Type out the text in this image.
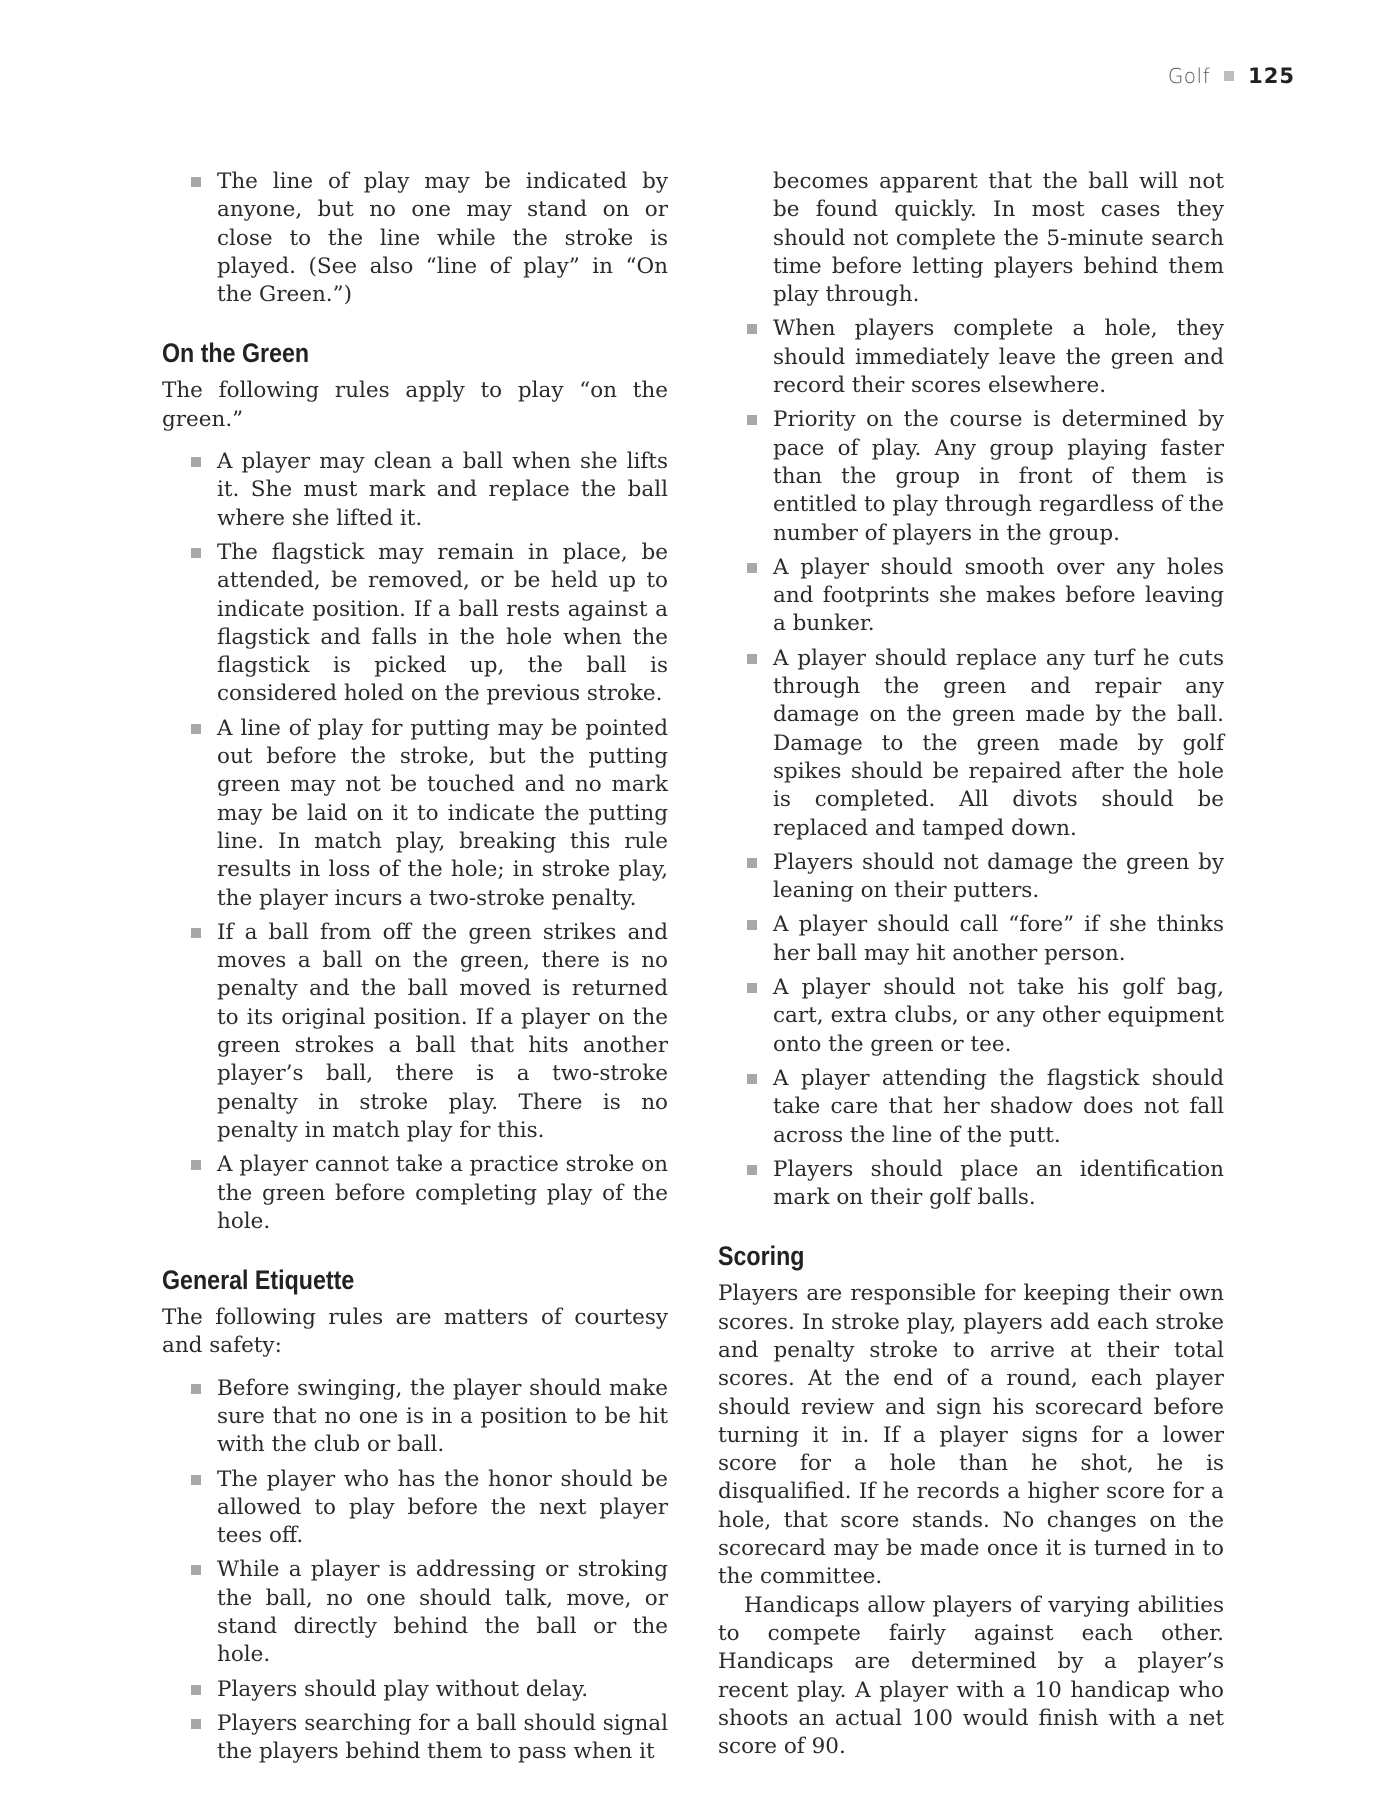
Golf 125
The line of play may be indicated by anyone, but no one may stand on or close to the line while the stroke is played. (See also “line of play” in “On the Green.”)
On the Green

The following rules apply to play “on the green.”

A player may clean a ball when she lifts it. She must mark and replace the ball where she lifted it.
The flagstick may remain in place, be attended, be removed, or be held up to indicate position. If a ball rests against a flagstick and falls in the hole when the flagstick is picked up, the ball is considered holed on the previous stroke.
A line of play for putting may be pointed out before the stroke, but the putting green may not be touched and no mark may be laid on it to indicate the putting line. In match play, breaking this rule results in loss of the hole; in stroke play, the player incurs a two-stroke penalty.
If a ball from off the green strikes and moves a ball on the green, there is no penalty and the ball moved is returned to its original position. If a player on the green strokes a ball that hits another player’s ball, there is a two-stroke penalty in stroke play. There is no penalty in match play for this.
A player cannot take a practice stroke on the green before completing play of the hole.
General Etiquette

The following rules are matters of courtesy and safety:

Before swinging, the player should make sure that no one is in a position to be hit with the club or ball.
The player who has the honor should be allowed to play before the next player tees off.
While a player is addressing or stroking the ball, no one should talk, move, or stand directly behind the ball or the hole.
Players should play without delay.
Players searching for a ball should signal the players behind them to pass when it

becomes apparent that the ball will not be found quickly. In most cases they should not complete the 5-minute search time before letting players behind them play through.

When players complete a hole, they should immediately leave the green and record their scores elsewhere.
Priority on the course is determined by pace of play. Any group playing faster than the group in front of them is entitled to play through regardless of the number of players in the group.
A player should smooth over any holes and footprints she makes before leaving a bunker.
A player should replace any turf he cuts through the green and repair any damage on the green made by the ball. Damage to the green made by golf spikes should be repaired after the hole is completed. All divots should be replaced and tamped down.
Players should not damage the green by leaning on their putters.
A player should call “fore” if she thinks her ball may hit another person.
A player should not take his golf bag, cart, extra clubs, or any other equipment onto the green or tee.
A player attending the flagstick should take care that her shadow does not fall across the line of the putt.
Players should place an identification mark on their golf balls.
Scoring

Players are responsible for keeping their own scores. In stroke play, players add each stroke and penalty stroke to arrive at their total scores. At the end of a round, each player should review and sign his scorecard before turning it in. If a player signs for a lower score for a hole than he shot, he is disqualified. If he records a higher score for a hole, that score stands. No changes on the scorecard may be made once it is turned in to the committee.

Handicaps allow players of varying abilities to compete fairly against each other. Handicaps are determined by a player’s recent play. A player with a 10 handicap who shoots an actual 100 would finish with a net score of 90.
